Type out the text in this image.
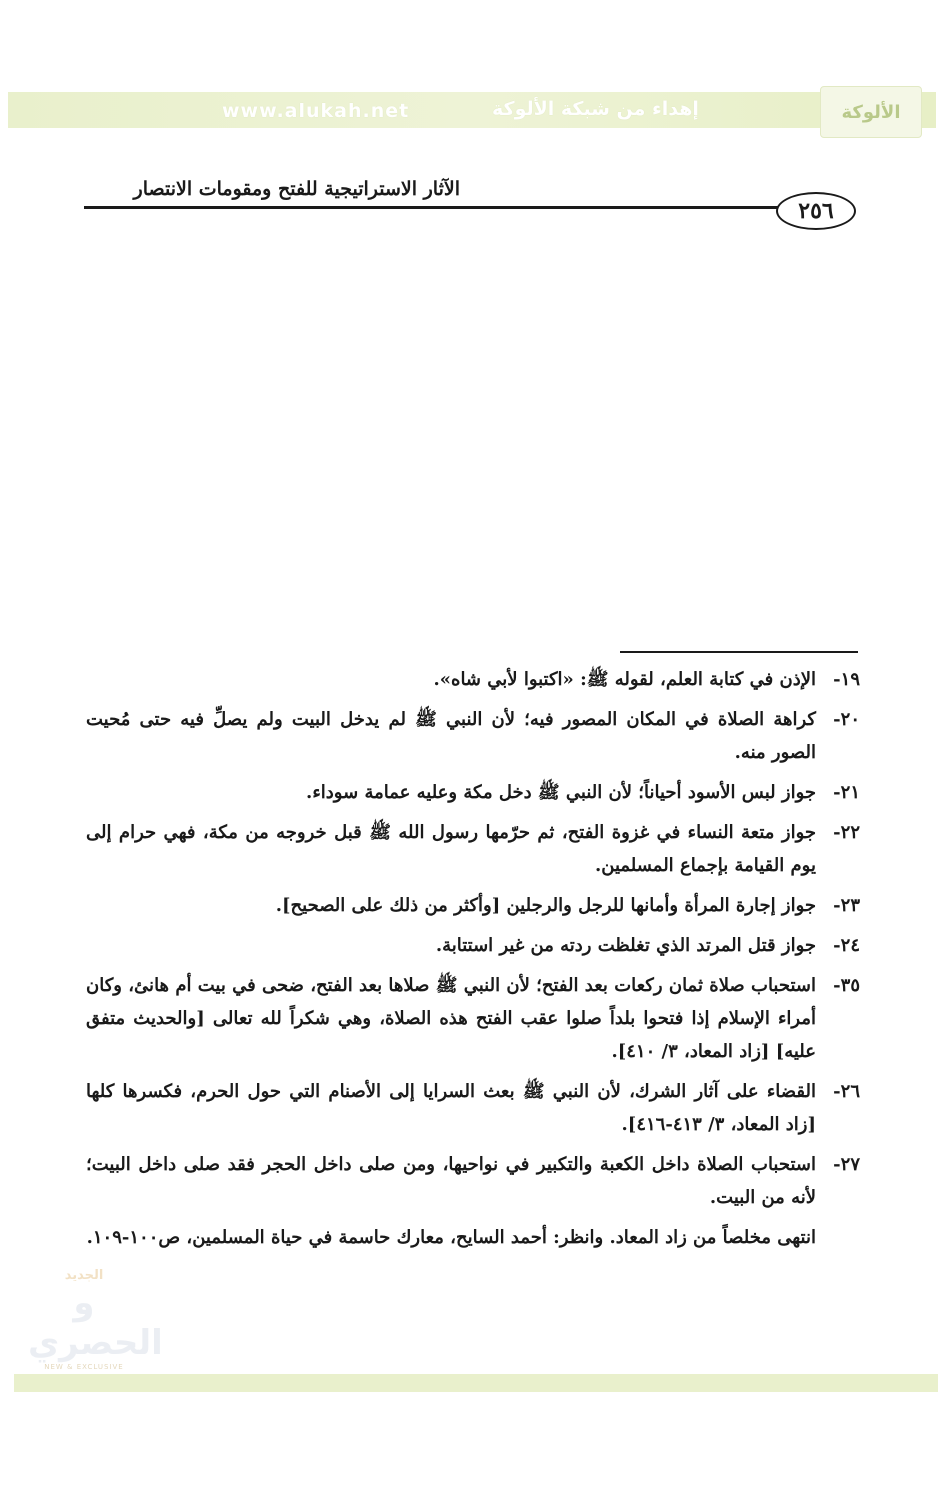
www.alukah.net	إهداء من شبكة الألوكة	الألوكة
الآثار الاستراتيجية للفتح ومقومات الانتصار
٢٥٦
١٩-
الإذن في كتابة العلم، لقوله ﷺ: «اكتبوا لأبي شاه».
٢٠-
كراهة الصلاة في المكان المصور فيه؛ لأن النبي ﷺ لم يدخل البيت ولم يصلِّ فيه حتى مُحيت الصور منه.
٢١-
جواز لبس الأسود أحياناً؛ لأن النبي ﷺ دخل مكة وعليه عمامة سوداء.
٢٢-
جواز متعة النساء في غزوة الفتح، ثم حرّمها رسول الله ﷺ قبل خروجه من مكة، فهي حرام إلى يوم القيامة بإجماع المسلمين.
٢٣-
جواز إجارة المرأة وأمانها للرجل والرجلين [وأكثر من ذلك على الصحيح].
٢٤-
جواز قتل المرتد الذي تغلظت ردته من غير استتابة.
٣٥-
استحباب صلاة ثمان ركعات بعد الفتح؛ لأن النبي ﷺ صلاها بعد الفتح، ضحى في بيت أم هانئ، وكان أمراء الإسلام إذا فتحوا بلداً صلوا عقب الفتح هذه الصلاة، وهي شكراً لله تعالى [والحديث متفق عليه] [زاد المعاد، ٣/ ٤١٠].
٢٦-
القضاء على آثار الشرك، لأن النبي ﷺ بعث السرايا إلى الأصنام التي حول الحرم، فكسرها كلها [زاد المعاد، ٣/ ٤١٣-٤١٦].
٢٧-
استحباب الصلاة داخل الكعبة والتكبير في نواحيها، ومن صلى داخل الحجر فقد صلى داخل البيت؛ لأنه من البيت.
انتهى مخلصاً من زاد المعاد. وانظر: أحمد السايح، معارك حاسمة في حياة المسلمين، ص١٠٠-١٠٩.
الجديد
و الحصري
NEW & EXCLUSIVE
